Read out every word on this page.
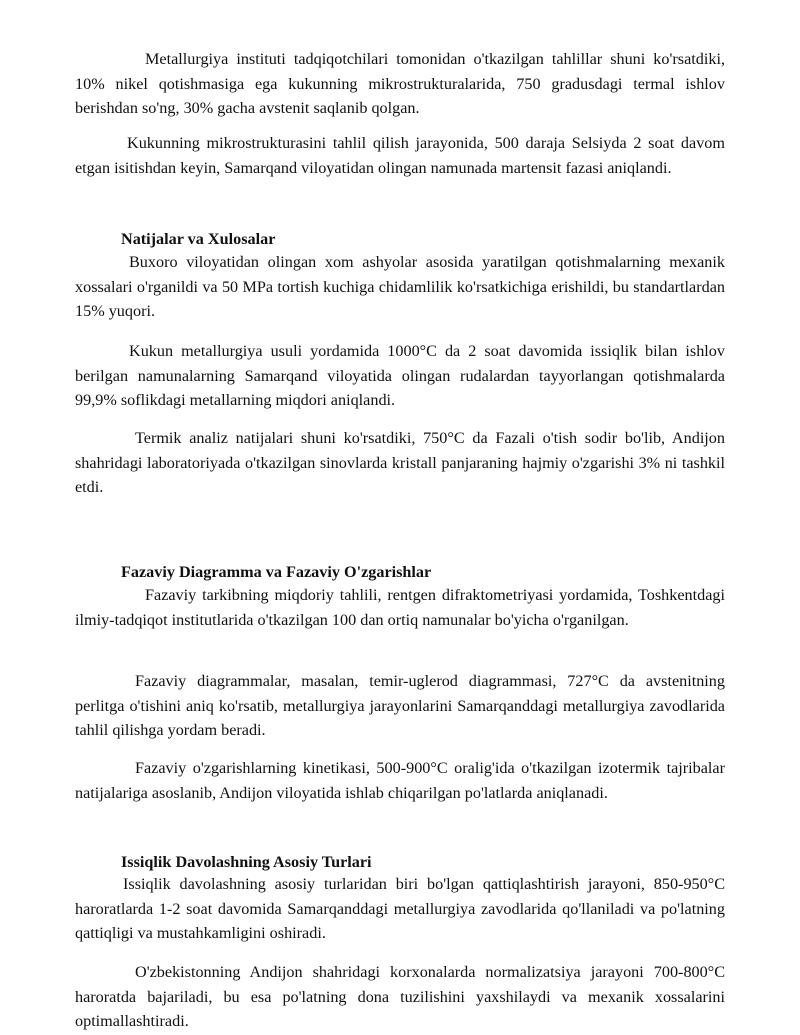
Metallurgiya instituti tadqiqotchilari tomonidan o'tkazilgan tahlillar shuni ko'rsatdiki, 10% nikel qotishmasiga ega kukunning mikrostrukturalarida, 750 gradusdagi termal ishlov berishdan so'ng, 30% gacha avstenit saqlanib qolgan.

Kukunning mikrostrukturasini tahlil qilish jarayonida, 500 daraja Selsiyda 2 soat davom etgan isitishdan keyin, Samarqand viloyatidan olingan namunada martensit fazasi aniqlandi.

Natijalar va Xulosalar

Buxoro viloyatidan olingan xom ashyolar asosida yaratilgan qotishmalarning mexanik xossalari o'rganildi va 50 MPa tortish kuchiga chidamlilik ko'rsatkichiga erishildi, bu standartlardan 15% yuqori.

Kukun metallurgiya usuli yordamida 1000°C da 2 soat davomida issiqlik bilan ishlov berilgan namunalarning Samarqand viloyatida olingan rudalardan tayyorlangan qotishmalarda 99,9% soflikdagi metallarning miqdori aniqlandi.

Termik analiz natijalari shuni ko'rsatdiki, 750°C da Fazali o'tish sodir bo'lib, Andijon shahridagi laboratoriyada o'tkazilgan sinovlarda kristall panjaraning hajmiy o'zgarishi 3% ni tashkil etdi.

Fazaviy Diagramma va Fazaviy O'zgarishlar

Fazaviy tarkibning miqdoriy tahlili, rentgen difraktometriyasi yordamida, Toshkentdagi ilmiy-tadqiqot institutlarida o'tkazilgan 100 dan ortiq namunalar bo'yicha o'rganilgan.

Fazaviy diagrammalar, masalan, temir-uglerod diagrammasi, 727°C da avstenitning perlitga o'tishini aniq ko'rsatib, metallurgiya jarayonlarini Samarqanddagi metallurgiya zavodlarida tahlil qilishga yordam beradi.

Fazaviy o'zgarishlarning kinetikasi, 500-900°C oralig'ida o'tkazilgan izotermik tajribalar natijalariga asoslanib, Andijon viloyatida ishlab chiqarilgan po'latlarda aniqlanadi.

Issiqlik Davolashning Asosiy Turlari

Issiqlik davolashning asosiy turlaridan biri bo'lgan qattiqlashtirish jarayoni, 850-950°C haroratlarda 1-2 soat davomida Samarqanddagi metallurgiya zavodlarida qo'llaniladi va po'latning qattiqligi va mustahkamligini oshiradi.

O'zbekistonning Andijon shahridagi korxonalarda normalizatsiya jarayoni 700-800°C haroratda bajariladi, bu esa po'latning dona tuzilishini yaxshilaydi va mexanik xossalarini optimallashtiradi.
